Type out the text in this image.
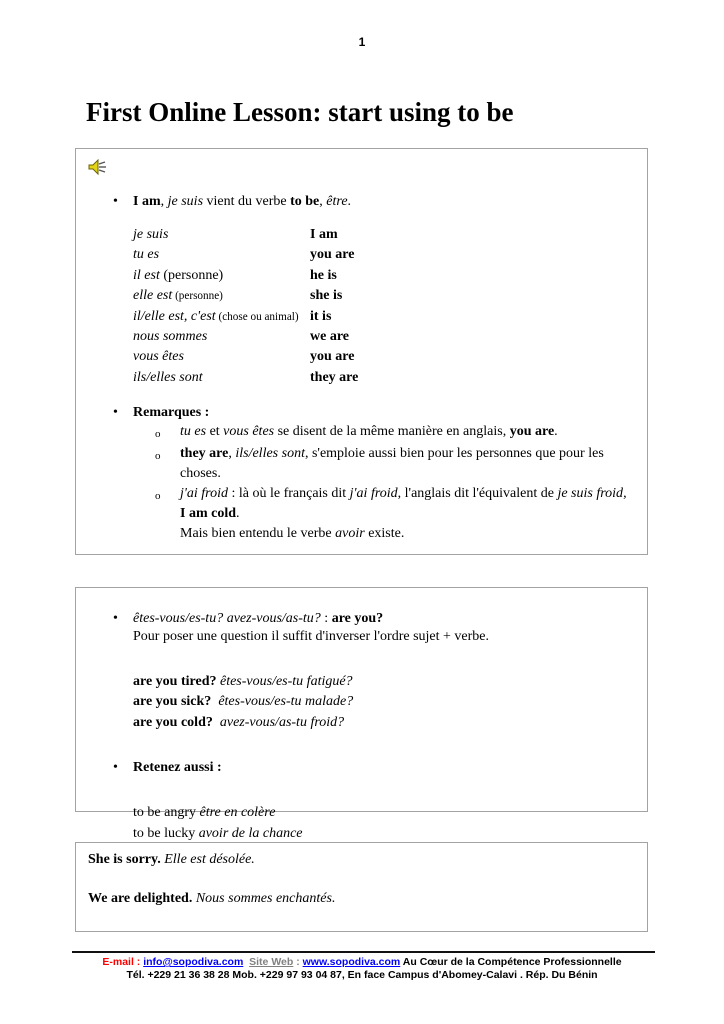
1
First Online Lesson: start using to be
•	I am, je suis vient du verbe to be, être.
je suis	I am
tu es	you are
il est (personne)	he is
elle est (personne)	she is
il/elle est, c'est (chose ou animal) it is
nous sommes	we are
vous êtes	you are
ils/elles sont	they are
•	Remarques :
o	tu es et vous êtes se disent de la même manière en anglais, you are.

o	they are, ils/elles sont, s'emploie aussi bien pour les personnes que pour les choses.

o	j'ai froid : là où le français dit j'ai froid, l'anglais dit l'équivalent de je suis froid, I am cold.

Mais bien entendu le verbe avoir existe.

•	êtes-vous/es-tu? avez-vous/as-tu? : are you?
Pour poser une question il suffit d'inverser l'ordre sujet + verbe.

are you tired? êtes-vous/es-tu fatigué?

are you sick? êtes-vous/es-tu malade?

are you cold? avez-vous/as-tu froid?

•	Retenez aussi :

to be angry être en colère

to be lucky avoir de la chance

She is sorry. Elle est désolée.

We are delighted. Nous sommes enchantés.

E-mail : info@sopodiva.com Site Web : www.sopodiva.com Au Cœur de la Compétence Professionnelle
Tél. +229 21 36 38 28 Mob. +229 97 93 04 87, En face Campus d'Abomey-Calavi . Rép. Du Bénin
